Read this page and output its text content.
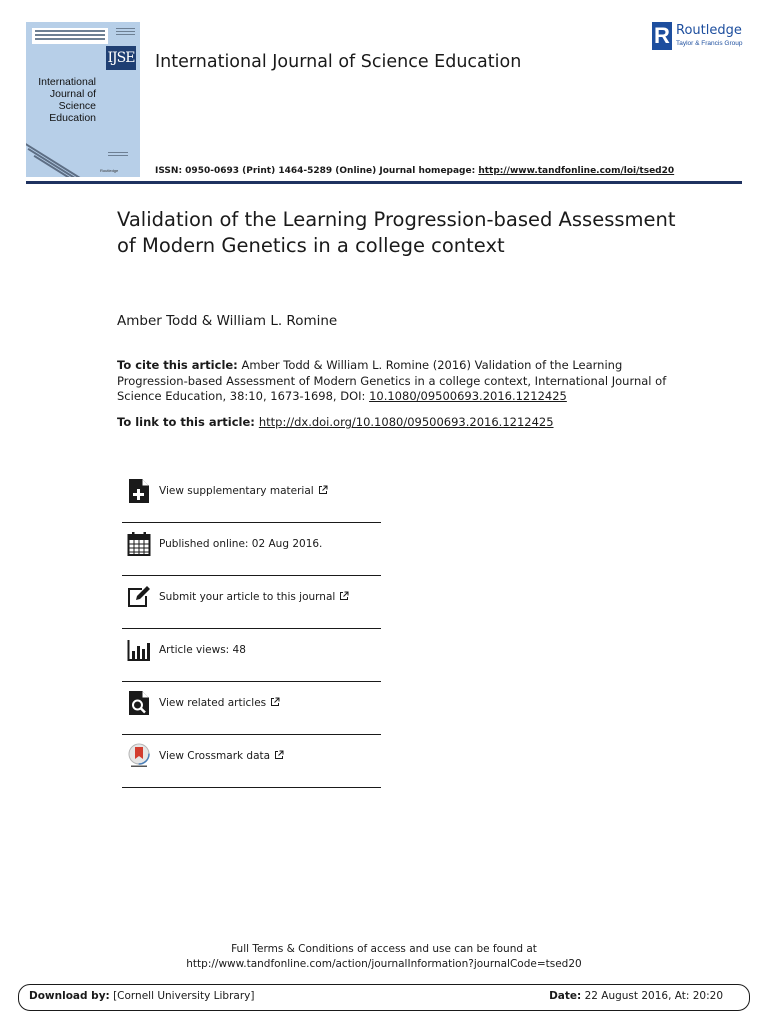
IJSE
International Journal of Science Education
Routledge
International Journal of Science Education
ISSN: 0950-0693 (Print) 1464-5289 (Online) Journal homepage: http://www.tandfonline.com/loi/tsed20
R Routledge
Taylor & Francis Group
Validation of the Learning Progression-based Assessment of Modern Genetics in a college context
Amber Todd & William L. Romine
To cite this article: Amber Todd & William L. Romine (2016) Validation of the Learning Progression-based Assessment of Modern Genetics in a college context, International Journal of Science Education, 38:10, 1673-1698, DOI: 10.1080/09500693.2016.1212425
To link to this article: http://dx.doi.org/10.1080/09500693.2016.1212425
View supplementary material
Published online: 02 Aug 2016.
Submit your article to this journal
Article views: 48
View related articles
View Crossmark data
Full Terms & Conditions of access and use can be found at
http://www.tandfonline.com/action/journalInformation?journalCode=tsed20
Download by: [Cornell University Library]	Date: 22 August 2016, At: 20:20
